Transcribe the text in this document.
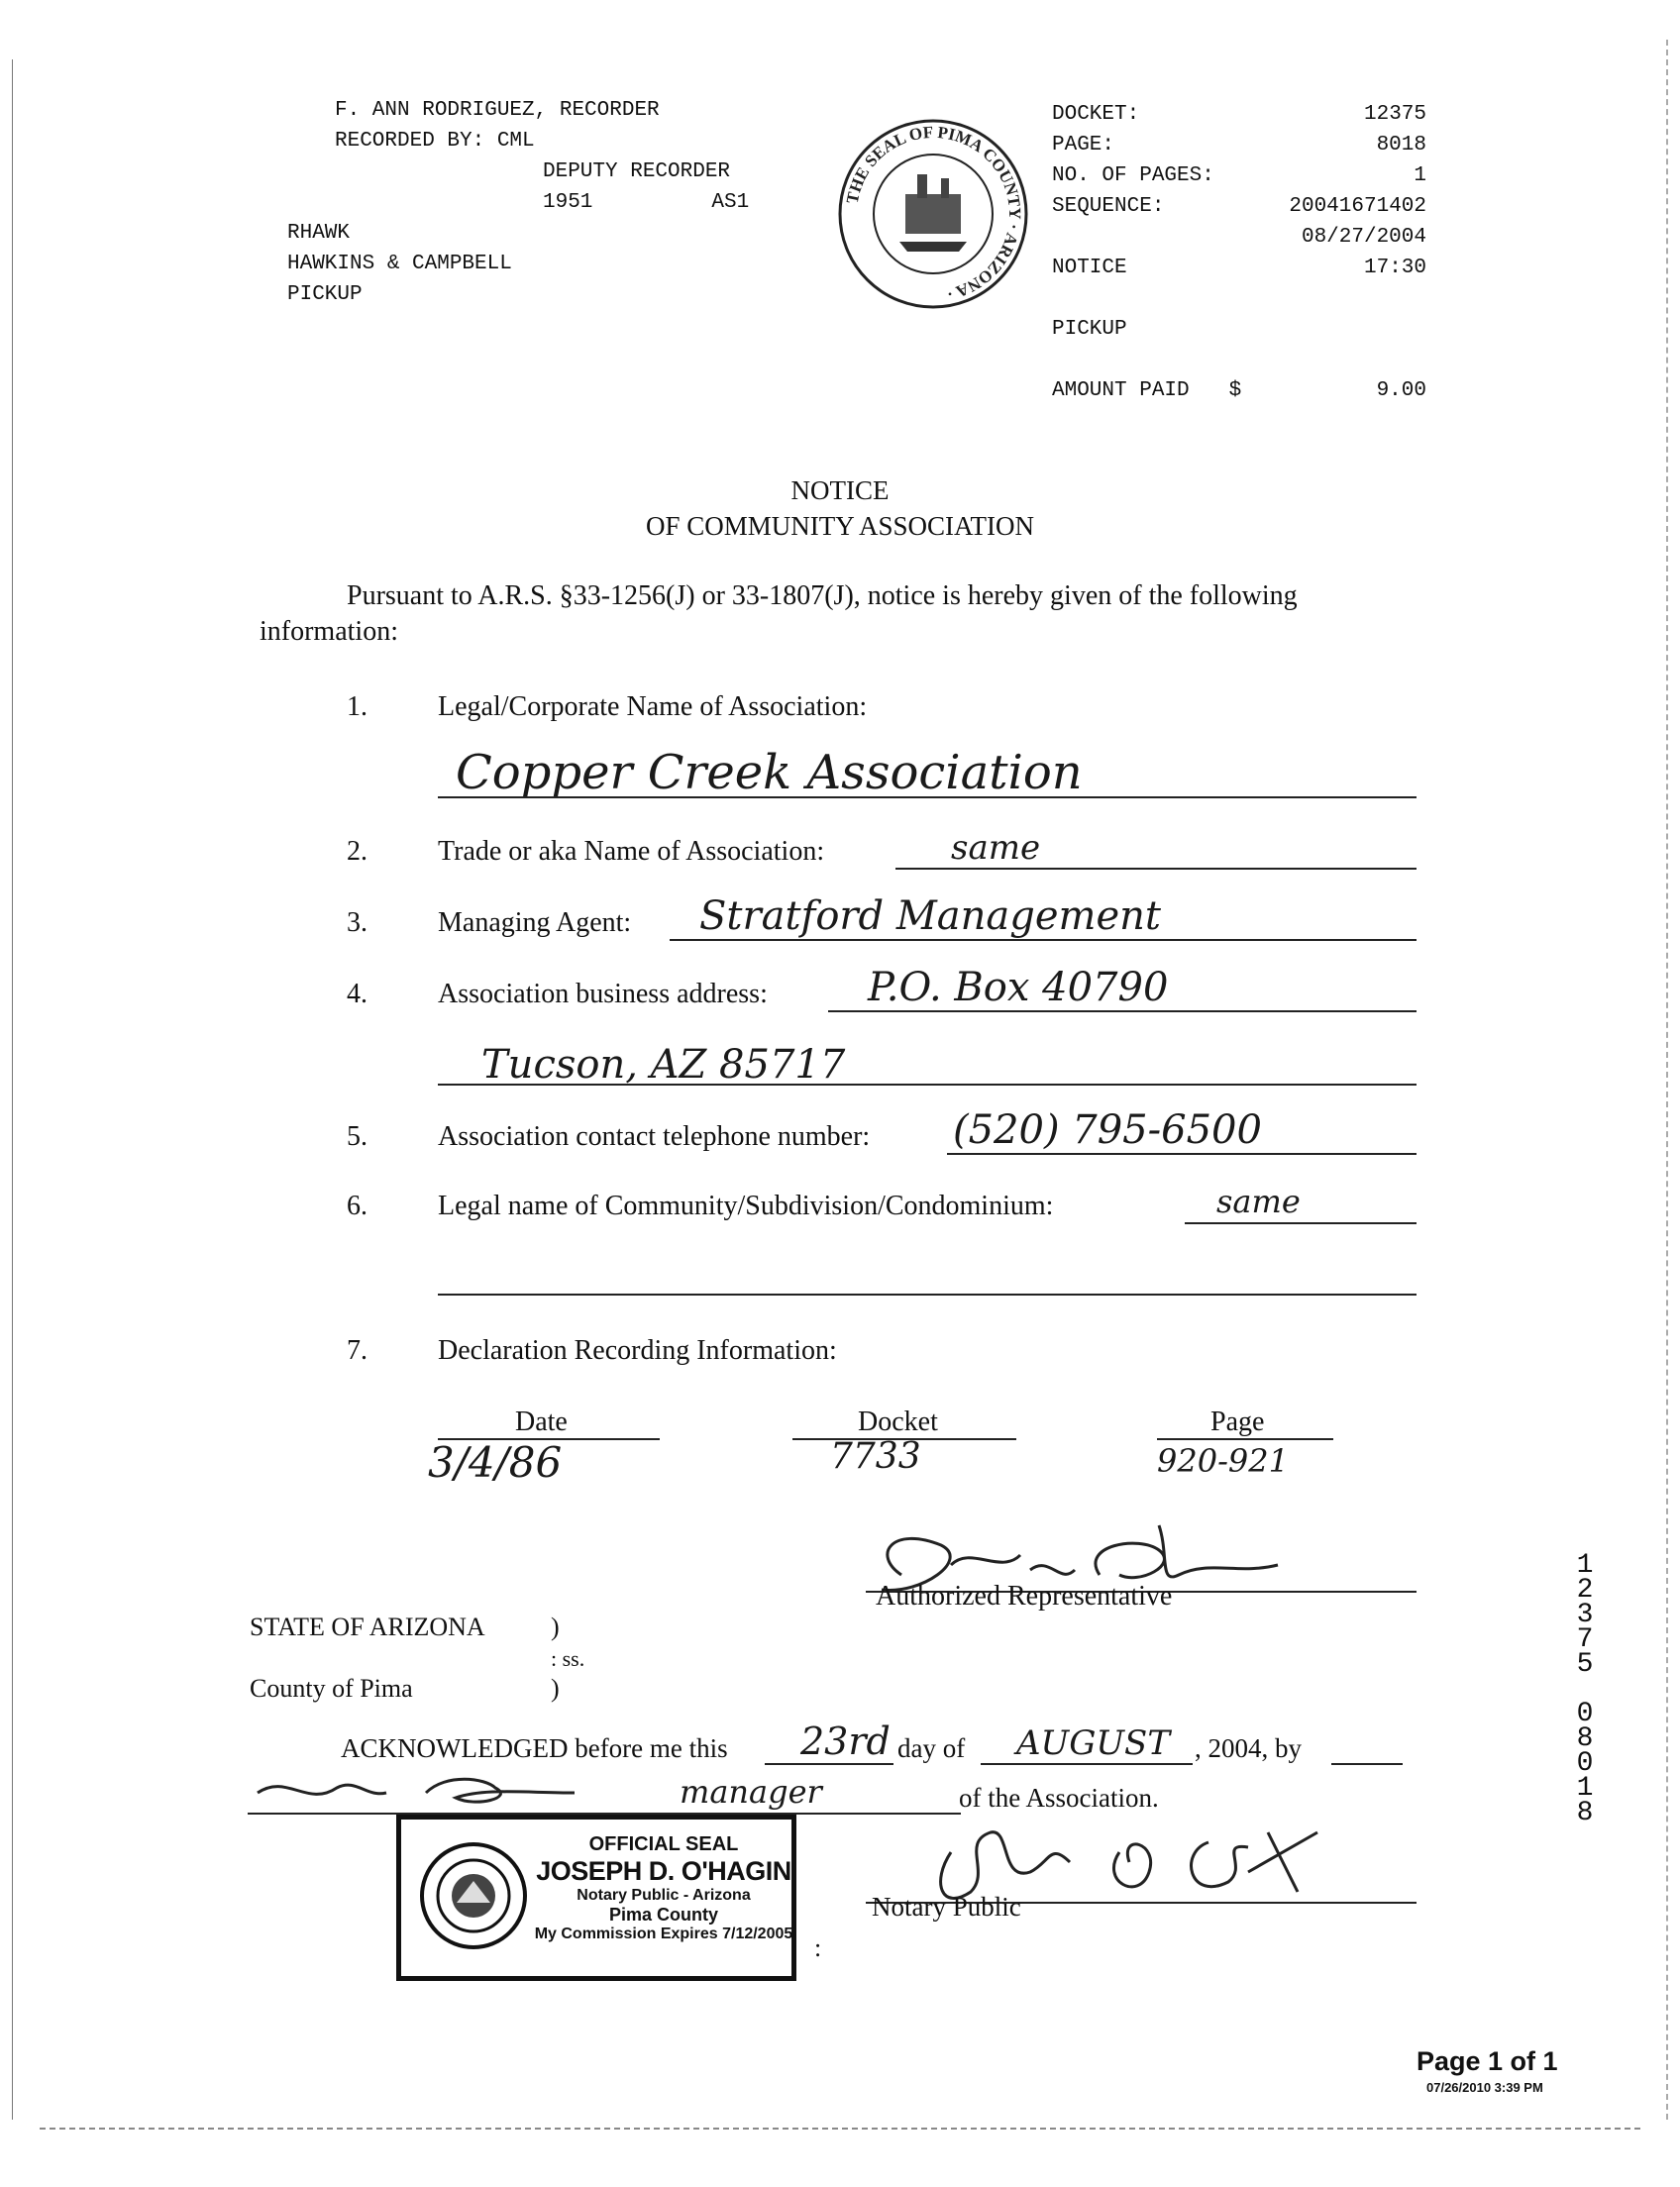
F. ANN RODRIGUEZ, RECORDER
RECORDED BY: CML
DEPUTY RECORDER
1951	AS1
RHAWK
HAWKINS & CAMPBELL
PICKUP
THE SEAL OF PIMA COUNTY · ARIZONA ·
DOCKET:	12375
PAGE:	8018
NO. OF PAGES:	1
SEQUENCE:	20041671402
08/27/2004
NOTICE	17:30
PICKUP
AMOUNT PAID $	9.00
NOTICE
OF COMMUNITY ASSOCIATION
Pursuant to A.R.S. §33-1256(J) or 33-1807(J), notice is hereby given of the following
information:
1.	Legal/Corporate Name of Association:
Copper Creek Association
2.	Trade or aka Name of Association:	same
3.	Managing Agent: Stratford Management
4.	Association business address:	P.O. Box 40790
Tucson, AZ 85717
5.	Association contact telephone number: (520) 795-6500
6.	Legal name of Community/Subdivision/Condominium:	same
7.	Declaration Recording Information:
Date
3/4/86
Docket
7733
Page
920-921
Authorized Representative
STATE OF ARIZONA	)
: ss.
County of Pima	)
ACKNOWLEDGED before me this 23rd day of AUGUST , 2004, by
manager	of the Association.
OFFICIAL SEAL
JOSEPH D. O'HAGIN
Notary Public - Arizona
Pima County
My Commission Expires 7/12/2005 :
Notary Public
1
2
3
7
5
0
8
0
1
8
Page 1 of 1
07/26/2010 3:39 PM
